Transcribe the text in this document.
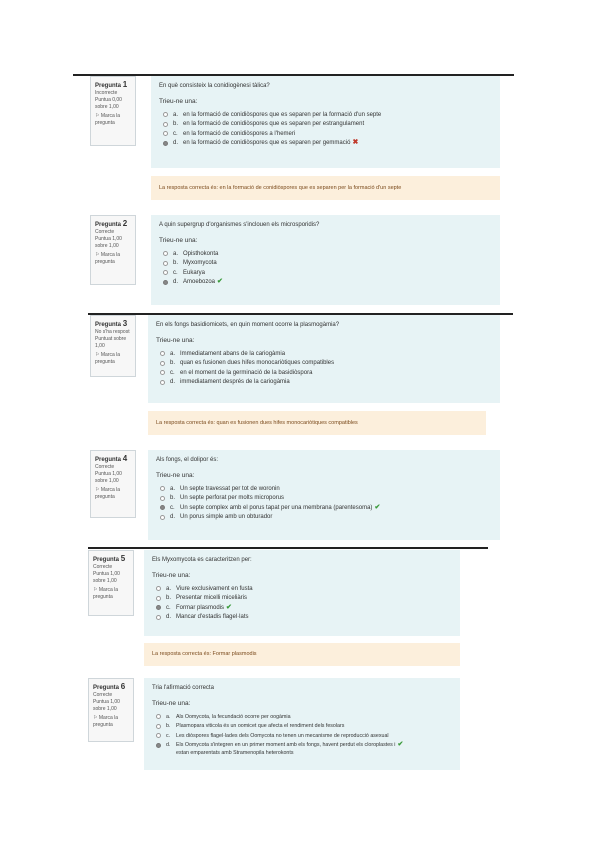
Pregunta 1
Incorrecte
Puntua 0,00 sobre 1,00
⚐ Marca la pregunta
En què consisteix la conidiogènesi tàlica?
Trieu-ne una:
a. en la formació de conidiòspores que es separen per la formació d'un septe
b. en la formació de conidiòspores que es separen per estrangulament
c. en la formació de conidiòspores a l'hemeri
d. en la formació de conidiòspores que es separen per gemmació ✖
La resposta correcta és: en la formació de conidiòspores que es separen per la formació d'un septe
Pregunta 2
Correcte
Puntua 1,00 sobre 1,00
⚐ Marca la pregunta
A quin supergrup d'organismes s'inclouen els microsporidis?
Trieu-ne una:
a. Opisthokonta
b. Myxomycota
c. Eukarya
d. Amoebozoa ✔
Pregunta 3
No s'ha respost
Puntuat sobre 1,00
⚐ Marca la pregunta
En els fongs basidiomicets, en quin moment ocorre la plasmogàmia?
Trieu-ne una:
a. Immediatament abans de la cariogàmia
b. quan es fusionen dues hifes monocariòtiques compatibles
c. en el moment de la germinació de la basidiòspora
d. immediatament després de la cariogàmia
La resposta correcta és: quan es fusionen dues hifes monocariòtiques compatibles
Pregunta 4
Correcte
Puntua 1,00 sobre 1,00
⚐ Marca la pregunta
Als fongs, el dolipor és:
Trieu-ne una:
a. Un septe travessat per tot de woronin
b. Un septe perforat per molts microporus
c. Un septe complex amb el porus tapat per una membrana (parentesoma) ✔
d. Un porus simple amb un obturador
Pregunta 5
Correcte
Puntua 1,00 sobre 1,00
⚐ Marca la pregunta
Els Myxomycota es caracteritzen per:
Trieu-ne una:
a. Viure exclusivament en fusta
b. Presentar micelli miceliàris
c. Formar plasmodis ✔
d. Mancar d'estadis flagel·lats
La resposta correcta és: Formar plasmodis
Pregunta 6
Correcte
Puntua 1,00 sobre 1,00
⚐ Marca la pregunta
Tria l'afirmació correcta
Trieu-ne una:
a.	Als Oomycota, la fecundació ocorre per oogàmia
b.	Plasmopara viticola és un oomicet que afecta el rendiment dels fesolars
c.	Les diòspores flagel·lades dels Oomycota no tenen un mecanisme de reproducció asexual
d.	Els Oomycota s'integren en un primer moment amb els fongs, havent perdut els cloroplastes i ✔
estan emparentats amb Stramenopila heterokonts
